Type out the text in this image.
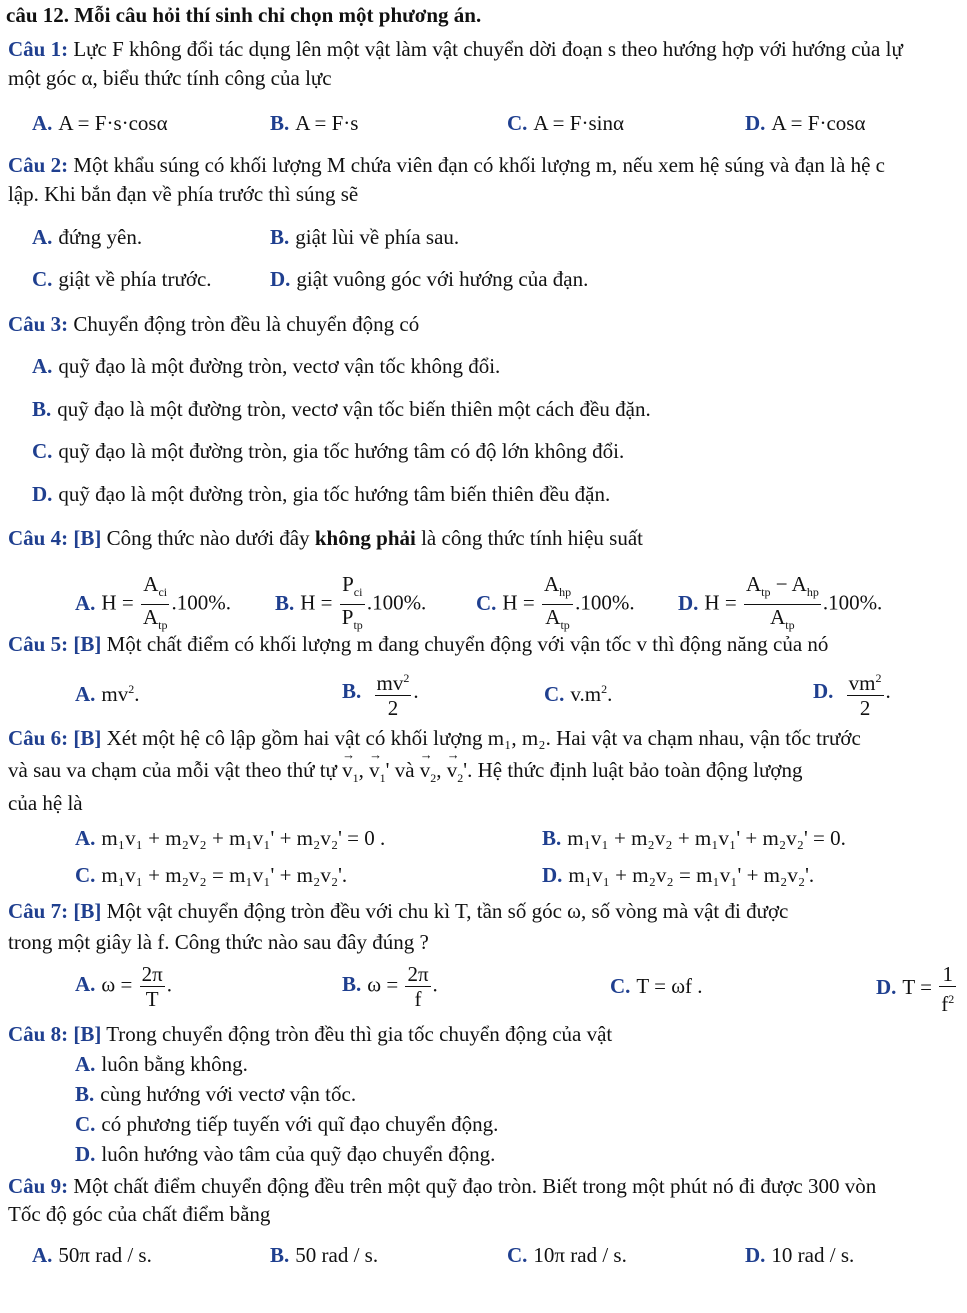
câu 12. Mỗi câu hỏi thí sinh chỉ chọn một phương án.
Câu 1: Lực F không đổi tác dụng lên một vật làm vật chuyển dời đoạn s theo hướng hợp với hướng của lự
một góc α, biểu thức tính công của lực
A. A = F·s·cosα	B. A = F·s	C. A = F·sinα	D. A = F·cosα
Câu 2: Một khẩu súng có khối lượng M chứa viên đạn có khối lượng m, nếu xem hệ súng và đạn là hệ c
lập. Khi bắn đạn về phía trước thì súng sẽ
A. đứng yên.	B. giật lùi về phía sau.
C. giật về phía trước.	D. giật vuông góc với hướng của đạn.
Câu 3: Chuyển động tròn đều là chuyển động có
A. quỹ đạo là một đường tròn, vectơ vận tốc không đổi.
B. quỹ đạo là một đường tròn, vectơ vận tốc biến thiên một cách đều đặn.
C. quỹ đạo là một đường tròn, gia tốc hướng tâm có độ lớn không đổi.
D. quỹ đạo là một đường tròn, gia tốc hướng tâm biến thiên đều đặn.
Câu 4: [B] Công thức nào dưới đây không phải là công thức tính hiệu suất
A. $H = \frac{A_{ci}}{A_{tp}} .100\%$. B. $H = \frac{P_{ci}}{P_{tp}} .100\%$. C. $H = \frac{A_{hp}}{A_{tp}} .100\%$. D. $H = \frac{A_{tp} - A_{hp}}{A_{tp}} .100\%$.
Câu 5: [B] Một chất điểm có khối lượng m đang chuyển động với vận tốc v thì động năng của nó
A. $mv^2$.	B. $\frac{mv^2}{2}$ .	C. $v.m^2$.	D. $\frac{vm^2}{2}$ .
Câu 6: [B] Xét một hệ cô lập gồm hai vật có khối lượng m₁, m₂. Hai vật va chạm nhau, vận tốc trước
và sau va chạm của mỗi vật theo thứ tự → $v_1$, → $v_1'$ và → $v_2$, → $v_2'$. Hệ thức định luật bảo toàn động lượng
của hệ là
A. m₁v₁ + m₂v₂ + m₁v₁' + m₂v₂' = 0 .	B. m₁v₁ + m₂v₂ + m₁v₁' + m₂v₂' = 0.
C. m₁v₁ + m₂v₂ = m₁v₁' + m₂v₂'.	D. m₁v₁ + m₂v₂ = m₁v₁' + m₂v₂'.
Câu 7: [B] Một vật chuyển động tròn đều với chu kì T, tần số góc ω, số vòng mà vật đi được
trong một giây là f. Công thức nào sau đây đúng ?
A. $\omega = \frac{2\pi}{T}$ .	B. $\omega = \frac{2\pi}{f}$ .	C. T = ωf .	D. $T = \frac{1}{f^2}$
Câu 8: [B] Trong chuyển động tròn đều thì gia tốc chuyển động của vật
A. luôn bằng không.
B. cùng hướng với vectơ vận tốc.
C. có phương tiếp tuyến với quĩ đạo chuyển động.
D. luôn hướng vào tâm của quỹ đạo chuyển động.
Câu 9: Một chất điểm chuyển động đều trên một quỹ đạo tròn. Biết trong một phút nó đi được 300 vòn
Tốc độ góc của chất điểm bằng
A. 50π rad / s.	B. 50 rad / s.	C. 10π rad / s.	D. 10 rad / s.
